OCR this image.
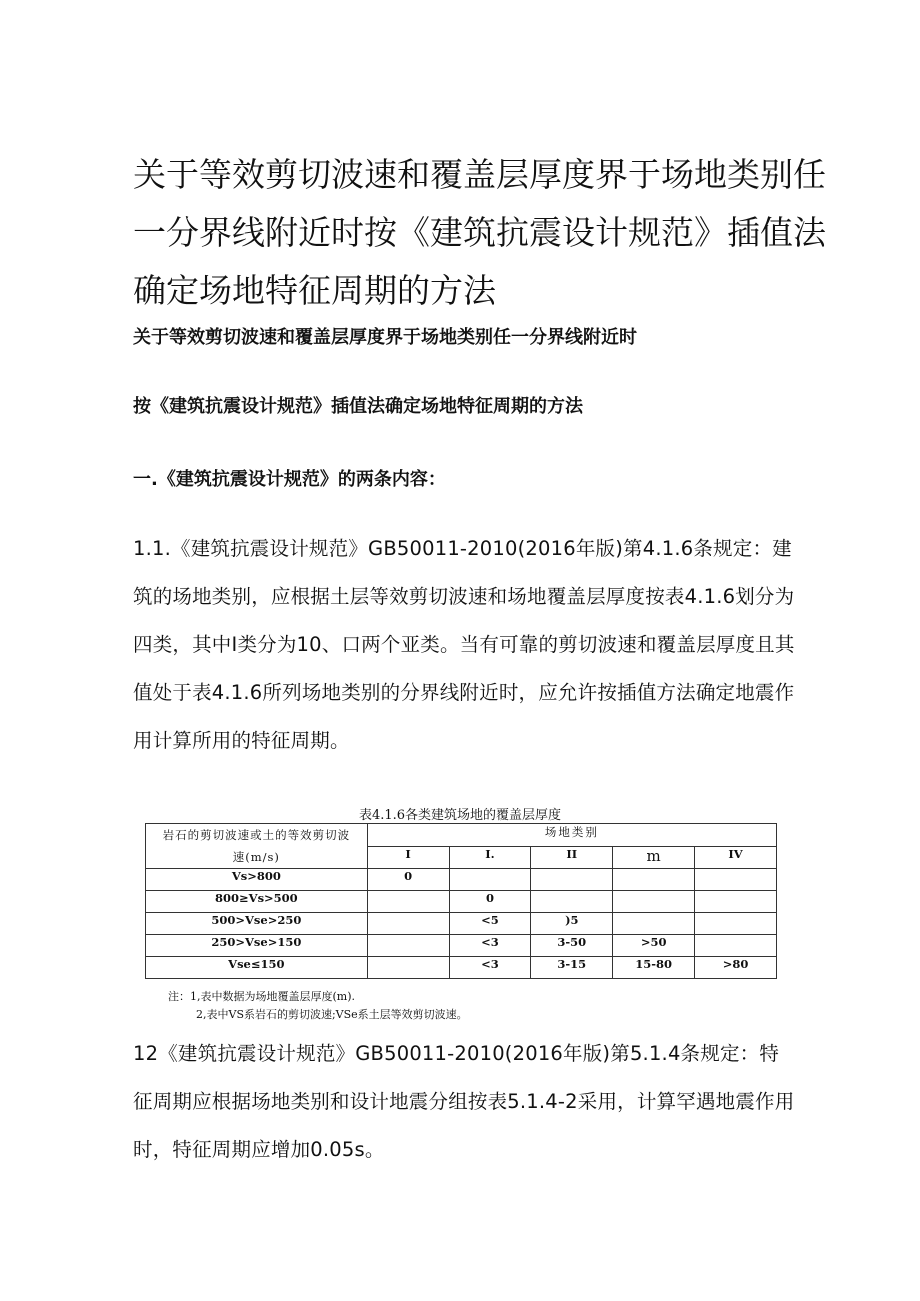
关于等效剪切波速和覆盖层厚度界于场地类别任一分界线附近时按《建筑抗震设计规范》插值法确定场地特征周期的方法

关于等效剪切波速和覆盖层厚度界于场地类别任一分界线附近时

按《建筑抗震设计规范》插值法确定场地特征周期的方法

一.《建筑抗震设计规范》的两条内容：

1.1.《建筑抗震设计规范》GB50011-2010(2016年版)第4.1.6条规定：建筑的场地类别，应根据土层等效剪切波速和场地覆盖层厚度按表4.1.6划分为四类，其中I类分为10、口两个亚类。当有可靠的剪切波速和覆盖层厚度且其值处于表4.1.6所列场地类别的分界线附近时，应允许按插值方法确定地震作用计算所用的特征周期。

表4.1.6各类建筑场地的覆盖层厚度
岩石的剪切波速或土的等效剪切波
速(m/s)	场地类别				
	I	I.	II	m	IV
Vs>800	0				
800≥Vs>500		0			
500>Vse>250		<5	)5		
250>Vse>150		<3	3-50	>50	
Vse≤150		<3	3-15	15-80	>80
注：1,表中数据为场地覆盖层厚度(m).
2,表中VS系岩石的剪切波速;VSe系土层等效剪切波速。

12《建筑抗震设计规范》GB50011-2010(2016年版)第5.1.4条规定：特征周期应根据场地类别和设计地震分组按表5.1.4-2采用，计算罕遇地震作用时，特征周期应增加0.05s。
